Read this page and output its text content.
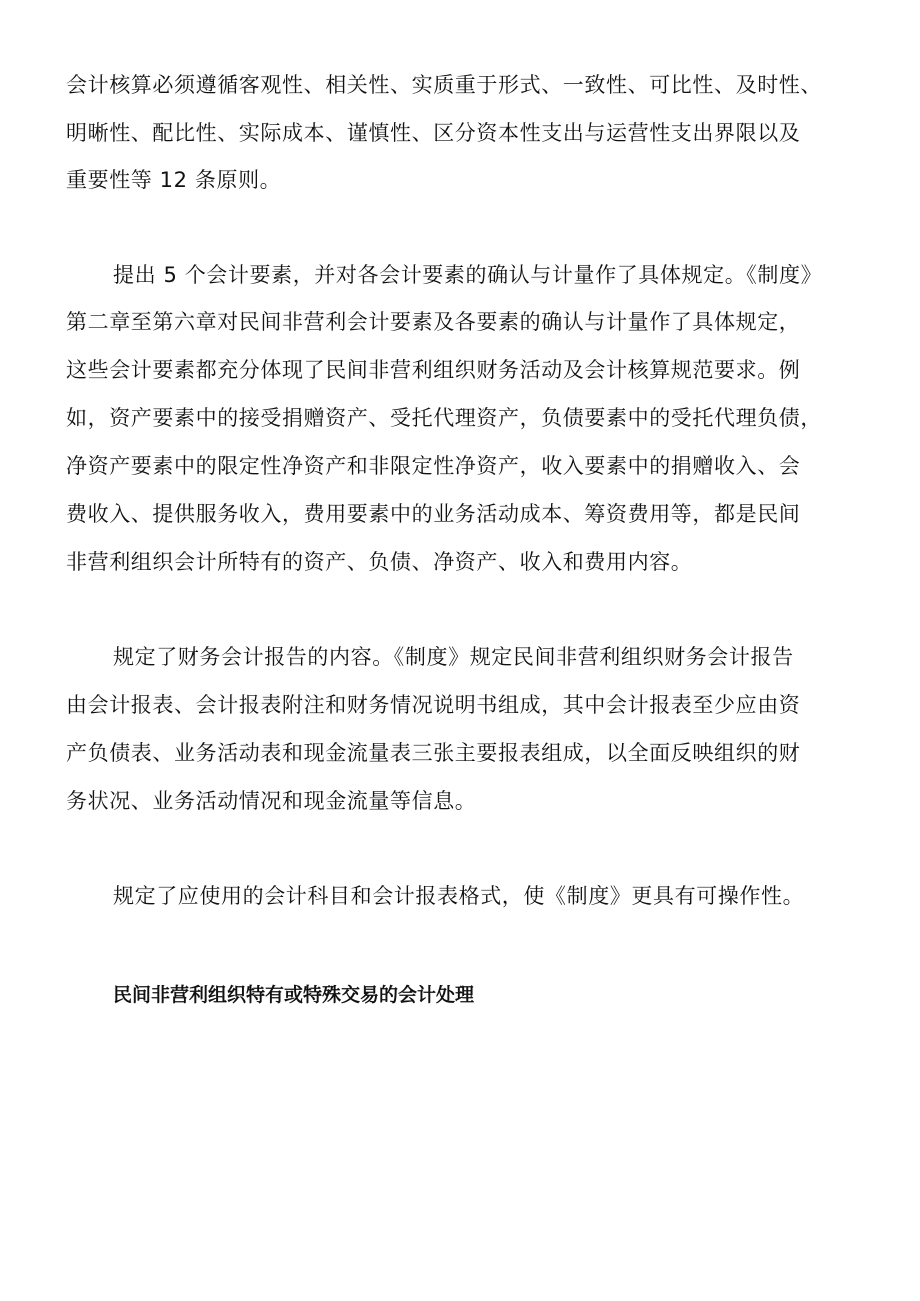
会计核算必须遵循客观性、相关性、实质重于形式、一致性、可比性、及时性、
明晰性、配比性、实际成本、谨慎性、区分资本性支出与运营性支出界限以及
重要性等 12 条原则。
提出 5 个会计要素，并对各会计要素的确认与计量作了具体规定。《制度》
第二章至第六章对民间非营利会计要素及各要素的确认与计量作了具体规定，
这些会计要素都充分体现了民间非营利组织财务活动及会计核算规范要求。例
如，资产要素中的接受捐赠资产、受托代理资产，负债要素中的受托代理负债，
净资产要素中的限定性净资产和非限定性净资产，收入要素中的捐赠收入、会
费收入、提供服务收入，费用要素中的业务活动成本、筹资费用等，都是民间
非营利组织会计所特有的资产、负债、净资产、收入和费用内容。
规定了财务会计报告的内容。《制度》规定民间非营利组织财务会计报告
由会计报表、会计报表附注和财务情况说明书组成，其中会计报表至少应由资
产负债表、业务活动表和现金流量表三张主要报表组成，以全面反映组织的财
务状况、业务活动情况和现金流量等信息。
规定了应使用的会计科目和会计报表格式，使《制度》更具有可操作性。
民间非营利组织特有或特殊交易的会计处理
